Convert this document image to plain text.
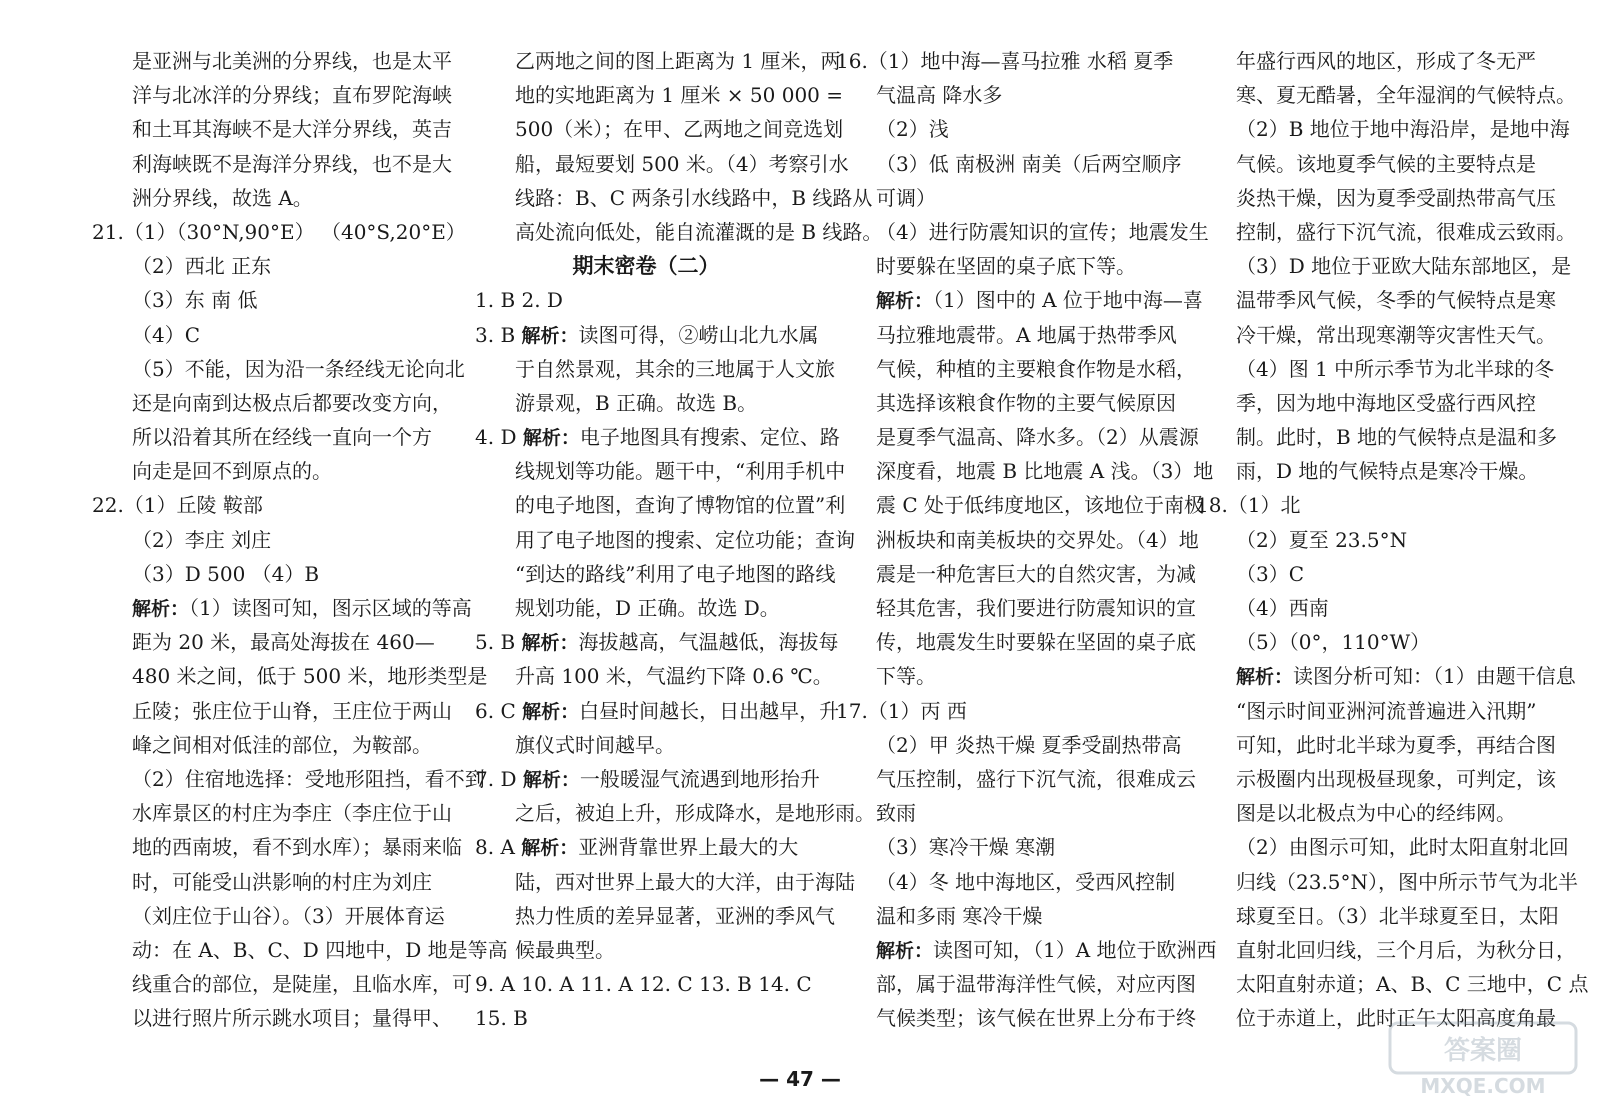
是亚洲与北美洲的分界线，也是太平
洋与北冰洋的分界线；直布罗陀海峡
和土耳其海峡不是大洋分界线，英吉
利海峡既不是海洋分界线，也不是大
洲分界线，故选 A。
21.（1）（30°N,90°E） （40°S,20°E）
（2）西北 正东
（3）东 南 低
（4）C
（5）不能，因为沿一条经线无论向北
还是向南到达极点后都要改变方向，
所以沿着其所在经线一直向一个方
向走是回不到原点的。
22.（1）丘陵 鞍部
（2）李庄 刘庄
（3）D 500 （4）B
解析：（1）读图可知，图示区域的等高
距为 20 米，最高处海拔在 460—
480 米之间，低于 500 米，地形类型是
丘陵；张庄位于山脊，王庄位于两山
峰之间相对低洼的部位，为鞍部。
（2）住宿地选择：受地形阻挡，看不到
水库景区的村庄为李庄（李庄位于山
地的西南坡，看不到水库）；暴雨来临
时，可能受山洪影响的村庄为刘庄
（刘庄位于山谷）。（3）开展体育运
动：在 A、B、C、D 四地中，D 地是等高
线重合的部位，是陡崖，且临水库，可
以进行照片所示跳水项目；量得甲、
乙两地之间的图上距离为 1 厘米，两
地的实地距离为 1 厘米 × 50 000 =
500（米）；在甲、乙两地之间竞选划
船，最短要划 500 米。（4）考察引水
线路：B、C 两条引水线路中，B 线路从
高处流向低处，能自流灌溉的是 B 线路。
期末密卷（二）
1. B 2. D
3. B 解析：读图可得，②崂山北九水属
于自然景观，其余的三地属于人文旅
游景观，B 正确。故选 B。
4. D 解析：电子地图具有搜索、定位、路
线规划等功能。题干中，“利用手机中
的电子地图，查询了博物馆的位置”利
用了电子地图的搜索、定位功能；查询
“到达的路线”利用了电子地图的路线
规划功能，D 正确。故选 D。
5. B 解析：海拔越高，气温越低，海拔每
升高 100 米，气温约下降 0.6 ℃。
6. C 解析：白昼时间越长，日出越早，升
旗仪式时间越早。
7. D 解析：一般暖湿气流遇到地形抬升
之后，被迫上升，形成降水，是地形雨。
8. A 解析：亚洲背靠世界上最大的大
陆，西对世界上最大的大洋，由于海陆
热力性质的差异显著，亚洲的季风气
候最典型。
9. A 10. A 11. A 12. C 13. B 14. C
15. B
16.（1）地中海—喜马拉雅 水稻 夏季
气温高 降水多
（2）浅
（3）低 南极洲 南美（后两空顺序
可调）
（4）进行防震知识的宣传；地震发生
时要躲在坚固的桌子底下等。
解析：（1）图中的 A 位于地中海—喜
马拉雅地震带。A 地属于热带季风
气候，种植的主要粮食作物是水稻，
其选择该粮食作物的主要气候原因
是夏季气温高、降水多。（2）从震源
深度看，地震 B 比地震 A 浅。（3）地
震 C 处于低纬度地区，该地位于南极
洲板块和南美板块的交界处。（4）地
震是一种危害巨大的自然灾害，为减
轻其危害，我们要进行防震知识的宣
传，地震发生时要躲在坚固的桌子底
下等。
17.（1）丙 西
（2）甲 炎热干燥 夏季受副热带高
气压控制，盛行下沉气流，很难成云
致雨
（3）寒冷干燥 寒潮
（4）冬 地中海地区，受西风控制
温和多雨 寒冷干燥
解析：读图可知，（1）A 地位于欧洲西
部，属于温带海洋性气候，对应丙图
气候类型；该气候在世界上分布于终
年盛行西风的地区，形成了冬无严
寒、夏无酷暑，全年湿润的气候特点。
（2）B 地位于地中海沿岸，是地中海
气候。该地夏季气候的主要特点是
炎热干燥，因为夏季受副热带高气压
控制，盛行下沉气流，很难成云致雨。
（3）D 地位于亚欧大陆东部地区，是
温带季风气候，冬季的气候特点是寒
冷干燥，常出现寒潮等灾害性天气。
（4）图 1 中所示季节为北半球的冬
季，因为地中海地区受盛行西风控
制。此时，B 地的气候特点是温和多
雨，D 地的气候特点是寒冷干燥。
18.（1）北
（2）夏至 23.5°N
（3）C
（4）西南
（5）（0°，110°W）
解析：读图分析可知：（1）由题干信息
“图示时间亚洲河流普遍进入汛期”
可知，此时北半球为夏季，再结合图
示极圈内出现极昼现象，可判定，该
图是以北极点为中心的经纬网。
（2）由图示可知，此时太阳直射北回
归线（23.5°N），图中所示节气为北半
球夏至日。（3）北半球夏至日，太阳
直射北回归线，三个月后，为秋分日，
太阳直射赤道；A、B、C 三地中，C 点
位于赤道上，此时正午太阳高度角最
— 47 —
答案圈
MXQE.COM
